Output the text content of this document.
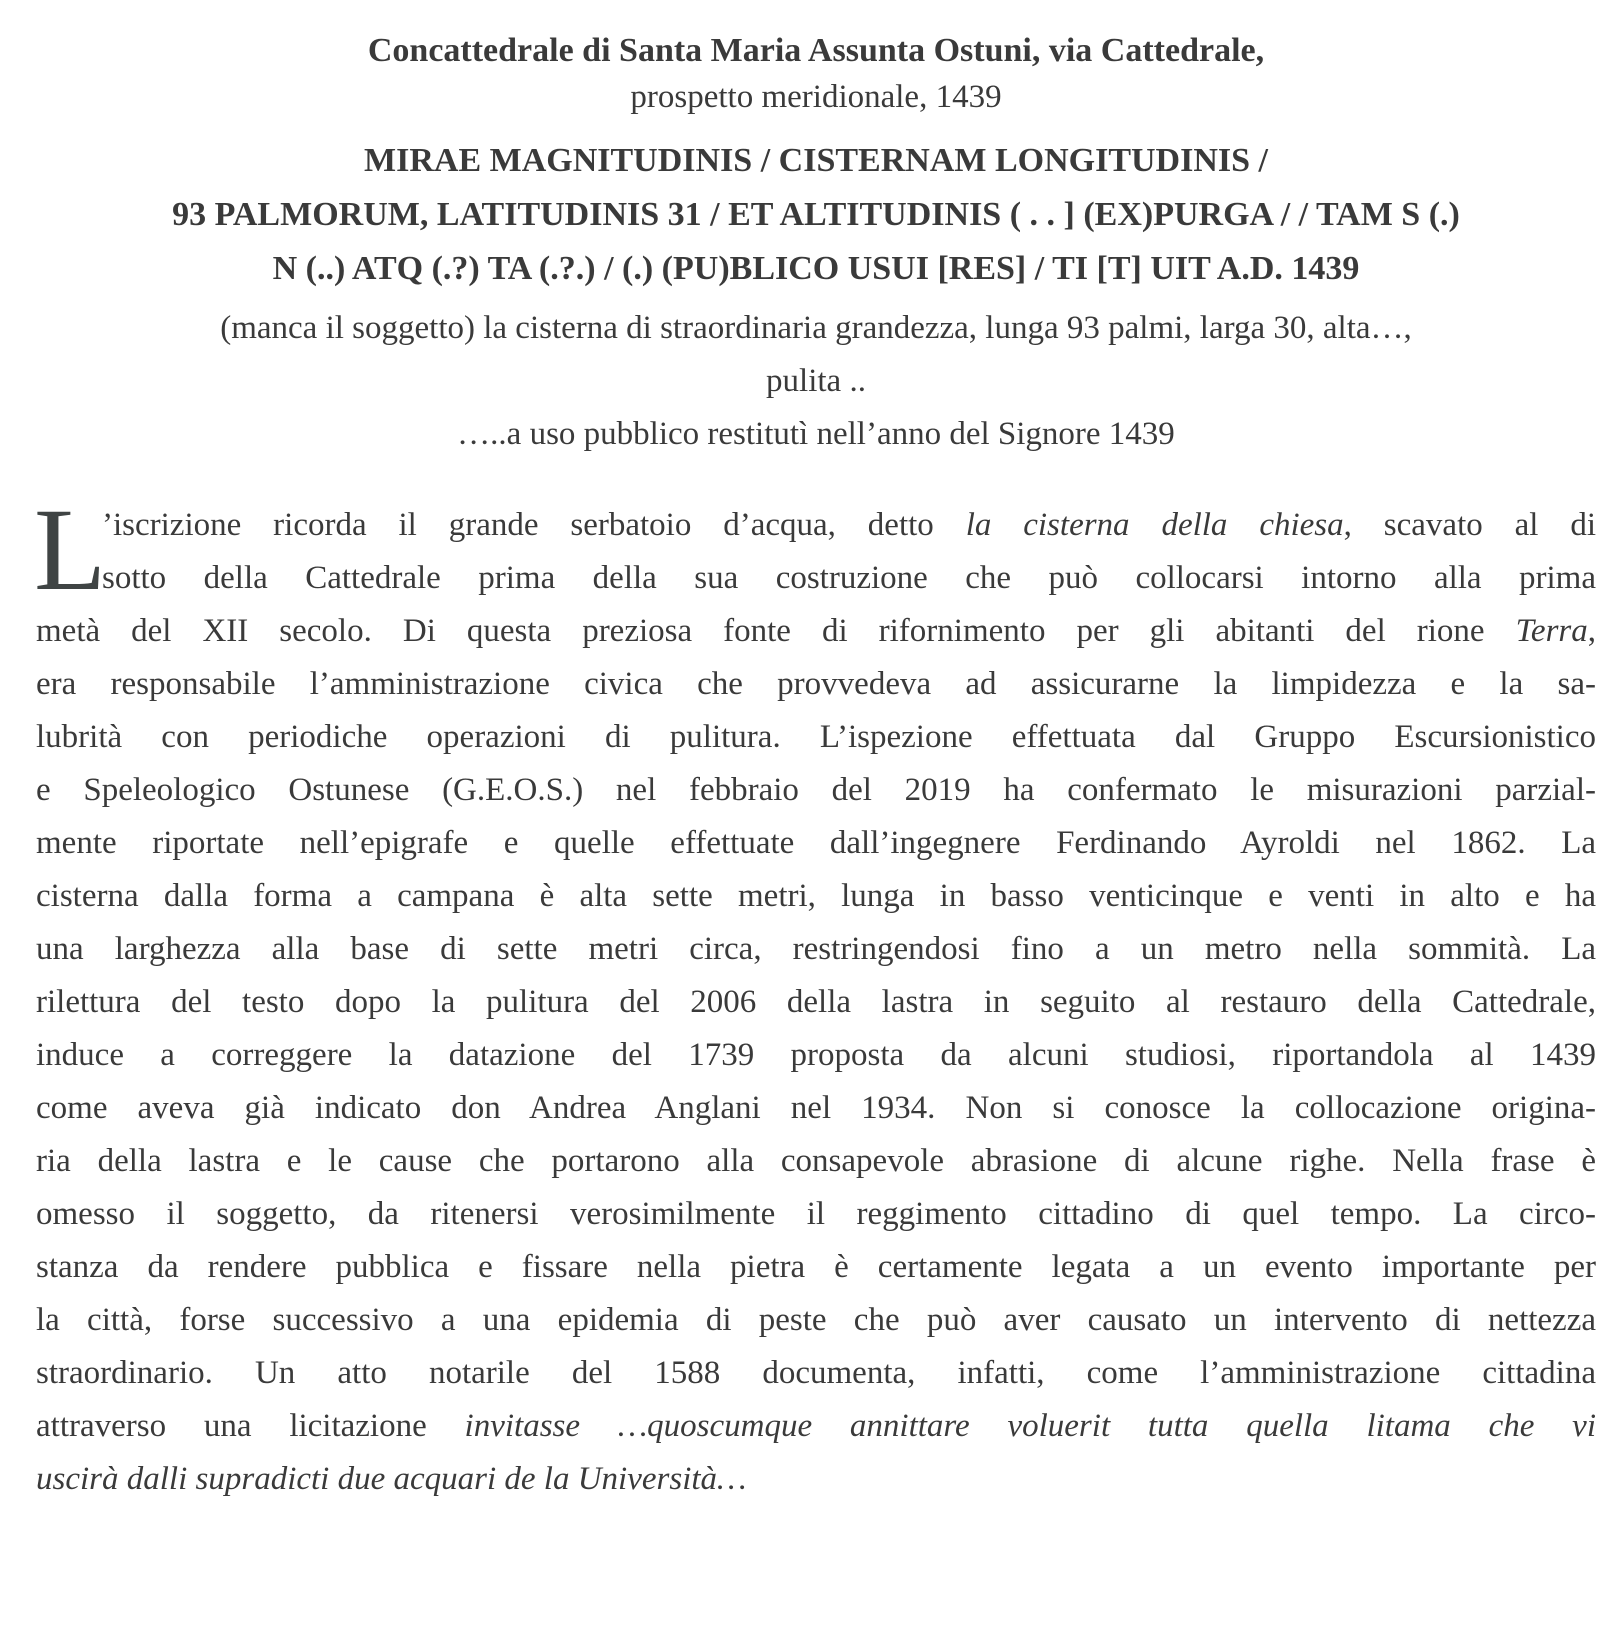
Concattedrale di Santa Maria Assunta Ostuni, via Cattedrale,

prospetto meridionale, 1439

MIRAE MAGNITUDINIS / CISTERNAM LONGITUDINIS /

93 PALMORUM, LATITUDINIS 31 / ET ALTITUDINIS ( . . ] (EX)PURGA / / TAM S (.)

N (..) ATQ (.?) TA (.?.) / (.) (PU)BLICO USUI [RES] / TI [T] UIT A.D. 1439

(manca il soggetto) la cisterna di straordinaria grandezza, lunga 93 palmi, larga 30, alta…,

pulita ..

…..a uso pubblico restitutì nell’anno del Signore 1439

L
’iscrizione ricorda il grande serbatoio d’acqua, detto la cisterna della chiesa, scavato al di
sotto della Cattedrale prima della sua costruzione che può collocarsi intorno alla prima
metà del XII secolo. Di questa preziosa fonte di rifornimento per gli abitanti del rione Terra,
era responsabile l’amministrazione civica che provvedeva ad assicurarne la limpidezza e la sa-
lubrità con periodiche operazioni di pulitura. L’ispezione effettuata dal Gruppo Escursionistico
e Speleologico Ostunese (G.E.O.S.) nel febbraio del 2019 ha confermato le misurazioni parzial-
mente riportate nell’epigrafe e quelle effettuate dall’ingegnere Ferdinando Ayroldi nel 1862. La
cisterna dalla forma a campana è alta sette metri, lunga in basso venticinque e venti in alto e ha
una larghezza alla base di sette metri circa, restringendosi fino a un metro nella sommità. La
rilettura del testo dopo la pulitura del 2006 della lastra in seguito al restauro della Cattedrale,
induce a correggere la datazione del 1739 proposta da alcuni studiosi, riportandola al 1439
come aveva già indicato don Andrea Anglani nel 1934. Non si conosce la collocazione origina-
ria della lastra e le cause che portarono alla consapevole abrasione di alcune righe. Nella frase è
omesso il soggetto, da ritenersi verosimilmente il reggimento cittadino di quel tempo. La circo-
stanza da rendere pubblica e fissare nella pietra è certamente legata a un evento importante per
la città, forse successivo a una epidemia di peste che può aver causato un intervento di nettezza
straordinario. Un atto notarile del 1588 documenta, infatti, come l’amministrazione cittadina
attraverso una licitazione invitasse …quoscumque annittare voluerit tutta quella litama che vi
uscirà dalli supradicti due acquari de la Università…
